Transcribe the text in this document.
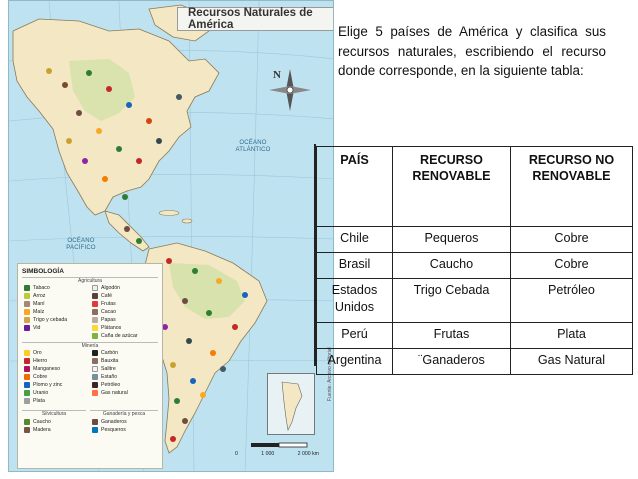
Recursos Naturales de América
N
OCÉANO ATLÁNTICO
OCÉANO PACÍFICO
SIMBOLOGÍA
Agricultura
Tabaco
Arroz
Maní
Maíz
Trigo y cebada
Vid
Algodón
Café
Frutas
Cacao
Papas
Plátanos
Caña de azúcar
Minería
Oro
Hierro
Manganeso
Cobre
Plomo y zinc
Uranio
Plata
Carbón
Bauxita
Salitre
Estaño
Petróleo
Gas natural
Silvicultura	Ganadería y pesca
Caucho
Madera
Ganaderos
Pesqueros
0	1 000	2 000 km
Fuente: Archivo editorial

Elige 5 países de América y clasifica sus recursos naturales, escribiendo el recurso donde corresponde, en la siguiente tabla:

PAÍS	RECURSO RENOVABLE	RECURSO NO RENOVABLE
Chile	Pequeros	Cobre
Brasil	Caucho	Cobre
Estados Unidos	Trigo Cebada	Petróleo
Perú	Frutas	Plata
Argentina	¨Ganaderos	Gas Natural
